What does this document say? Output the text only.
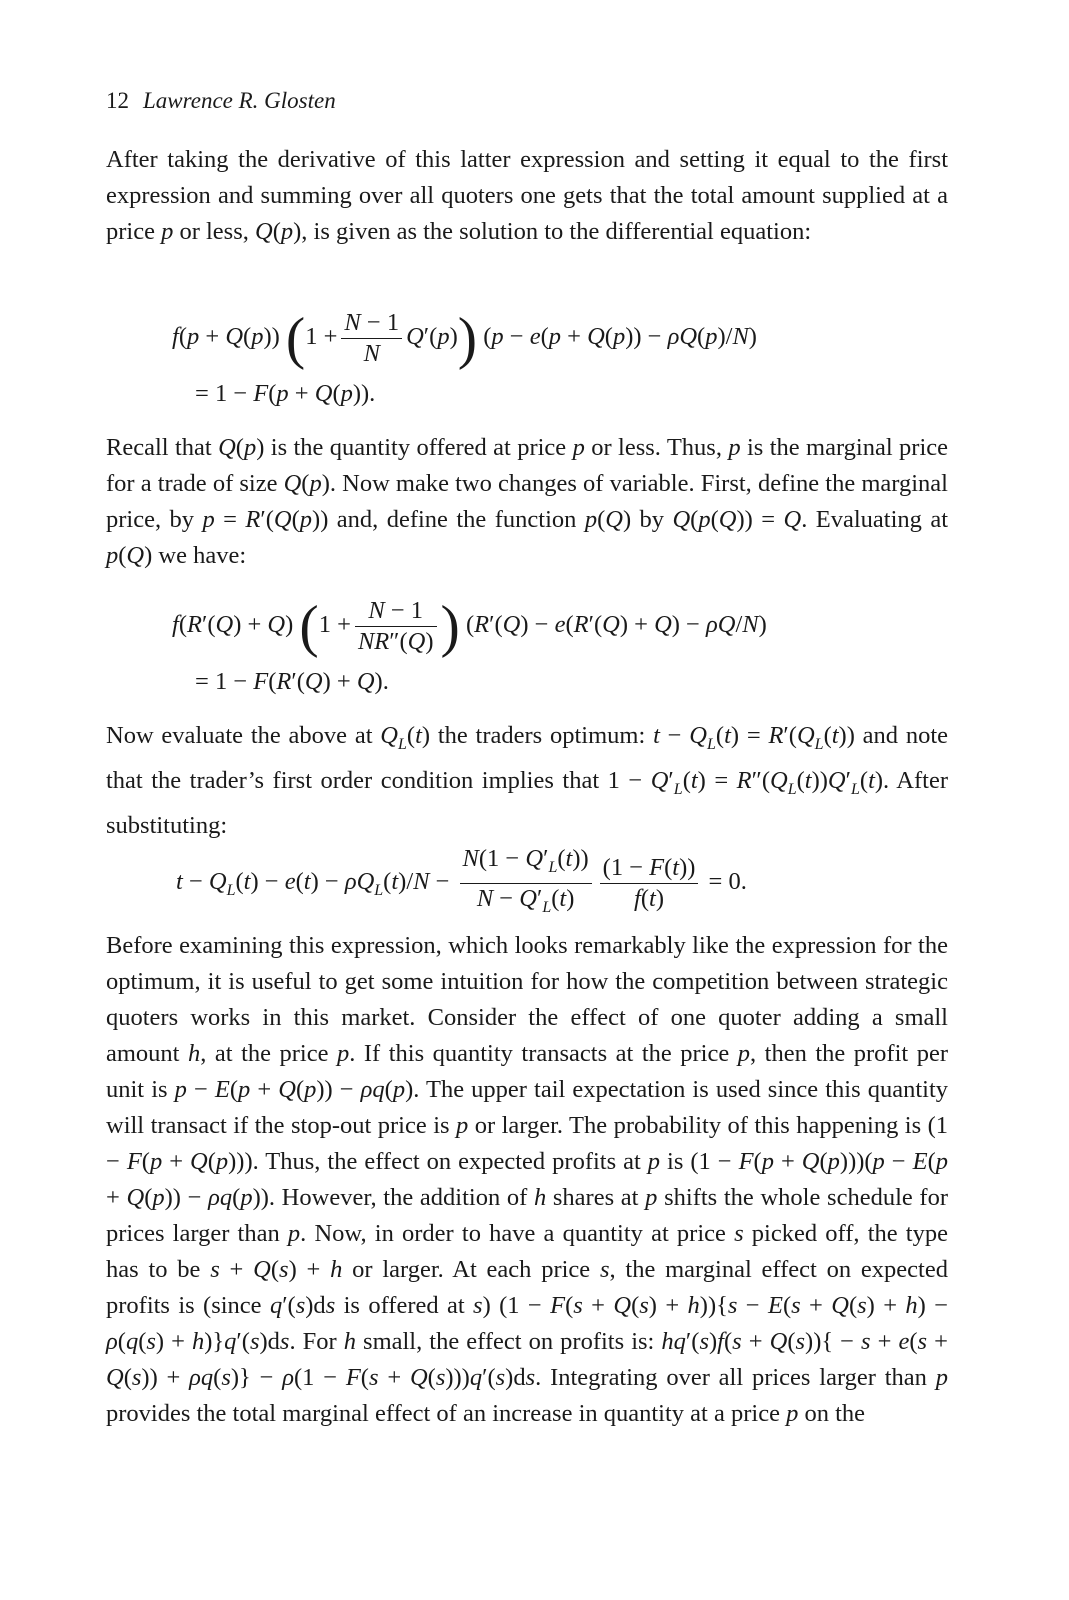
12 Lawrence R. Glosten
After taking the derivative of this latter expression and setting it equal to the first expression and summing over all quoters one gets that the total amount supplied at a price p or less, Q(p), is given as the solution to the differential equation:
f(p + Q(p)) $(1 + \frac{N - 1}{N} Q'(p))$ (p − e(p + Q(p)) − ρQ(p)/N)
= 1 − F(p + Q(p)).
Recall that Q(p) is the quantity offered at price p or less. Thus, p is the marginal price for a trade of size Q(p). Now make two changes of variable. First, define the marginal price, by p = R′(Q(p)) and, define the function p(Q) by Q(p(Q)) = Q. Evaluating at p(Q) we have:
f(R′(Q) + Q) ($1 + \frac{N - 1}{NR''(Q)}$ ) (R′(Q) − e(R′(Q) + Q) − ρQ/N)
= 1 − F(R′(Q) + Q).
Now evaluate the above at $Q_L(t)$ the traders optimum: $t - Q_L(t) = R'(Q_L(t))$ and note that the trader’s first order condition implies that $1 - Q'_L(t) = R''(Q_L(t))Q'_L(t)$. After substituting:
$t - Q_L(t) - e(t) - \rho Q_L(t)/N - \frac{N(1 - Q'_L(t))}{N - Q'_L(t)} \frac{(1 - F(t))}{f(t)} = 0$.
Before examining this expression, which looks remarkably like the expression for the optimum, it is useful to get some intuition for how the competition between strategic quoters works in this market. Consider the effect of one quoter adding a small amount h, at the price p. If this quantity transacts at the price p, then the profit per unit is p − E(p + Q(p)) − ρq(p). The upper tail expectation is used since this quantity will transact if the stop-out price is p or larger. The probability of this happening is (1 − F(p + Q(p))). Thus, the effect on expected profits at p is (1 − F(p + Q(p)))(p − E(p + Q(p)) − ρq(p)). However, the addition of h shares at p shifts the whole schedule for prices larger than p. Now, in order to have a quantity at price s picked off, the type has to be s + Q(s) + h or larger. At each price s, the marginal effect on expected profits is (since q′(s)ds is offered at s) (1 − F(s + Q(s) + h)){s − E(s + Q(s) + h) − ρ(q(s) + h)}q′(s)ds. For h small, the effect on profits is: hq′(s)f(s + Q(s)){ − s + e(s + Q(s)) + ρq(s)} − ρ(1 − F(s + Q(s)))q′(s)ds. Integrating over all prices larger than p provides the total marginal effect of an increase in quantity at a price p on the
